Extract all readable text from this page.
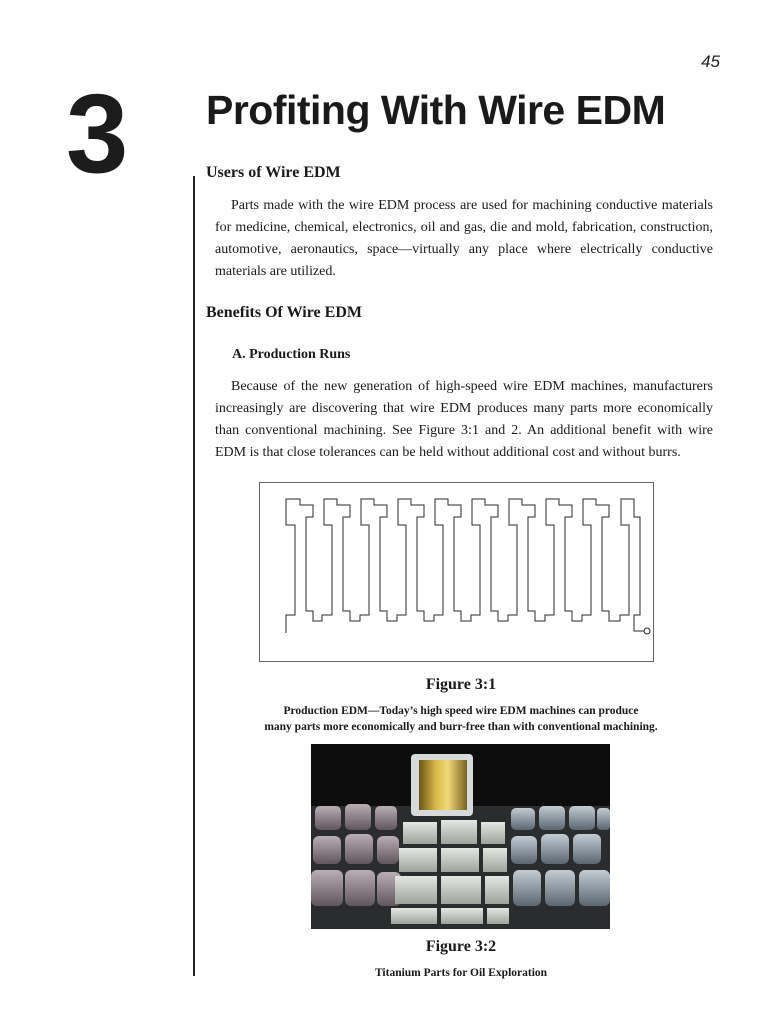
45
3 Profiting With Wire EDM
Users of Wire EDM

Parts made with the wire EDM process are used for machining conductive materials for medicine, chemical, electronics, oil and gas, die and mold, fabrication, construction, automotive, aeronautics, space—virtually any place where electrically conductive materials are utilized.

Benefits Of Wire EDM
A. Production Runs

Because of the new generation of high-speed wire EDM machines, manufacturers increasingly are discovering that wire EDM produces many parts more economically than conventional machining. See Figure 3:1 and 2. An additional benefit with wire EDM is that close tolerances can be held without additional cost and without burrs.

Figure 3:1
Production EDM—Today’s high speed wire EDM machines can produce
many parts more economically and burr-free than with conventional machining.
Figure 3:2
Titanium Parts for Oil Exploration
